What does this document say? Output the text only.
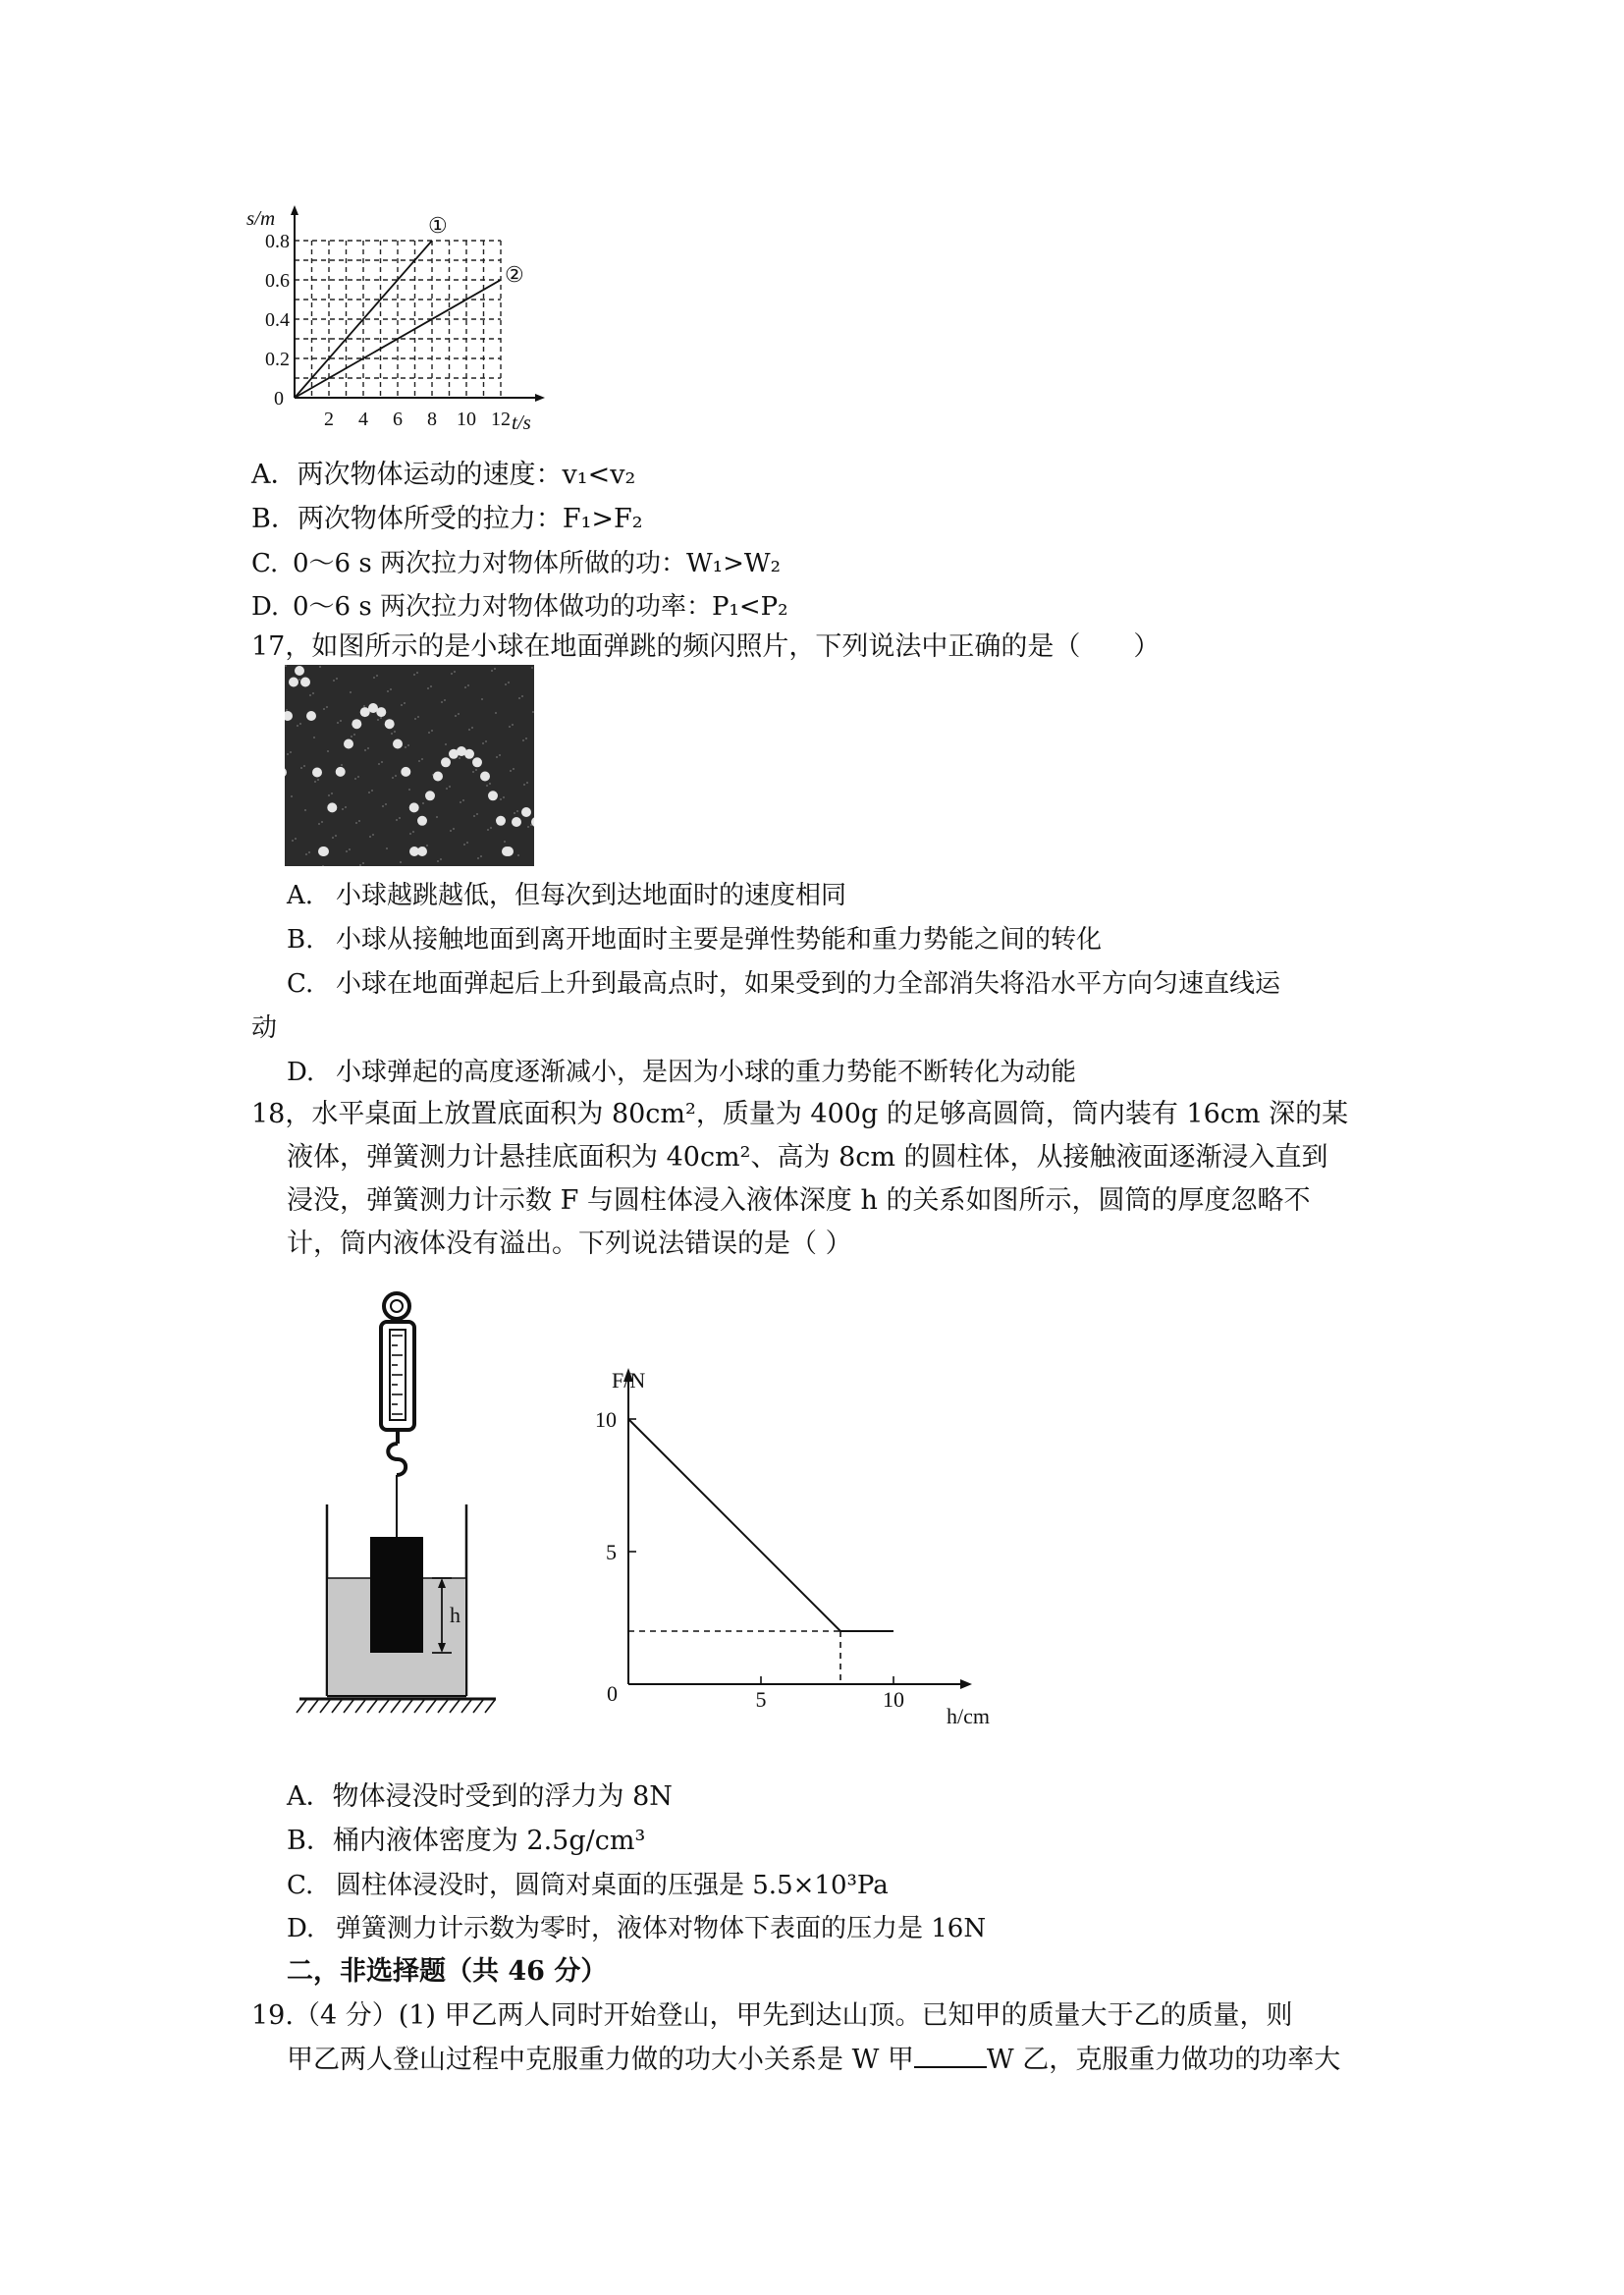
2 4 6 8 10 12
0.2
0.4
0.6
0.8
①
②
s/m
t/s
0
A．两次物体运动的速度：v₁<v₂
B．两次物体所受的拉力：F₁>F₂
C. 0～6 s 两次拉力对物体所做的功：W₁>W₂
D. 0～6 s 两次拉力对物体做功的功率：P₁<P₂
17，如图所示的是小球在地面弹跳的频闪照片，下列说法中正确的是（　　）
A. 小球越跳越低，但每次到达地面时的速度相同
B. 小球从接触地面到离开地面时主要是弹性势能和重力势能之间的转化
C. 小球在地面弹起后上升到最高点时，如果受到的力全部消失将沿水平方向匀速直线运
动
D. 小球弹起的高度逐渐减小，是因为小球的重力势能不断转化为动能
18，水平桌面上放置底面积为 80cm²，质量为 400g 的足够高圆筒，筒内装有 16cm 深的某
液体，弹簧测力计悬挂底面积为 40cm²、高为 8cm 的圆柱体，从接触液面逐渐浸入直到
浸没，弹簧测力计示数 F 与圆柱体浸入液体深度 h 的关系如图所示，圆筒的厚度忽略不
计，筒内液体没有溢出。下列说法错误的是（ ）
h
5	10
10
5
F/N
h/cm
0
A．物体浸没时受到的浮力为 8N
B．桶内液体密度为 2.5g/cm³
C. 圆柱体浸没时，圆筒对桌面的压强是 5.5×10³Pa
D. 弹簧测力计示数为零时，液体对物体下表面的压力是 16N
二，非选择题（共 46 分）
19.（4 分）(1) 甲乙两人同时开始登山，甲先到达山顶。已知甲的质量大于乙的质量，则
甲乙两人登山过程中克服重力做的功大小关系是 W 甲	W 乙，克服重力做功的功率大
